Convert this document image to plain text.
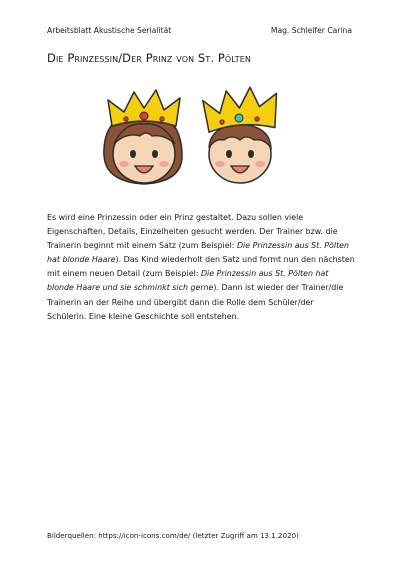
Arbeitsblatt Akustische Serialität	Mag. Schleifer Carina
Die Prinzessin/Der Prinz von St. Pölten
Es wird eine Prinzessin oder ein Prinz gestaltet. Dazu sollen viele Eigenschaften, Details, Einzelheiten gesucht werden. Der Trainer bzw. die Trainerin beginnt mit einem Satz (zum Beispiel: Die Prinzessin aus St. Pölten hat blonde Haare). Das Kind wiederholt den Satz und formt nun den nächsten mit einem neuen Detail (zum Beispiel: Die Prinzessin aus St. Pölten hat blonde Haare und sie schminkt sich gerne). Dann ist wieder der Trainer/die Trainerin an der Reihe und übergibt dann die Rolle dem Schüler/der Schülerin. Eine kleine Geschichte soll entstehen.
Bilderquellen: https://icon-icons.com/de/ (letzter Zugriff am 13.1.2020)
